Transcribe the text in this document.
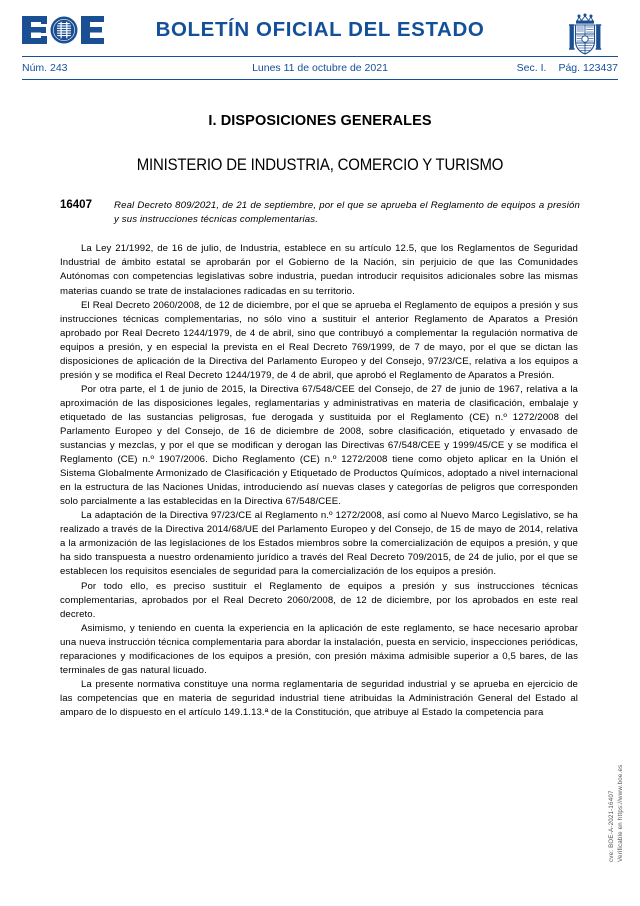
BOLETÍN OFICIAL DEL ESTADO
Núm. 243	Lunes 11 de octubre de 2021	Sec. I. Pág. 123437
I. DISPOSICIONES GENERALES
MINISTERIO DE INDUSTRIA, COMERCIO Y TURISMO
16407	Real Decreto 809/2021, de 21 de septiembre, por el que se aprueba el Reglamento de equipos a presión y sus instrucciones técnicas complementarias.

La Ley 21/1992, de 16 de julio, de Industria, establece en su artículo 12.5, que los Reglamentos de Seguridad Industrial de ámbito estatal se aprobarán por el Gobierno de la Nación, sin perjuicio de que las Comunidades Autónomas con competencias legislativas sobre industria, puedan introducir requisitos adicionales sobre las mismas materias cuando se trate de instalaciones radicadas en su territorio.

El Real Decreto 2060/2008, de 12 de diciembre, por el que se aprueba el Reglamento de equipos a presión y sus instrucciones técnicas complementarias, no sólo vino a sustituir el anterior Reglamento de Aparatos a Presión aprobado por Real Decreto 1244/1979, de 4 de abril, sino que contribuyó a complementar la regulación normativa de equipos a presión, y en especial la prevista en el Real Decreto 769/1999, de 7 de mayo, por el que se dictan las disposiciones de aplicación de la Directiva del Parlamento Europeo y del Consejo, 97/23/CE, relativa a los equipos a presión y se modifica el Real Decreto 1244/1979, de 4 de abril, que aprobó el Reglamento de Aparatos a Presión.

Por otra parte, el 1 de junio de 2015, la Directiva 67/548/CEE del Consejo, de 27 de junio de 1967, relativa a la aproximación de las disposiciones legales, reglamentarias y administrativas en materia de clasificación, embalaje y etiquetado de las sustancias peligrosas, fue derogada y sustituida por el Reglamento (CE) n.º 1272/2008 del Parlamento Europeo y del Consejo, de 16 de diciembre de 2008, sobre clasificación, etiquetado y envasado de sustancias y mezclas, y por el que se modifican y derogan las Directivas 67/548/CEE y 1999/45/CE y se modifica el Reglamento (CE) n.º 1907/2006. Dicho Reglamento (CE) n.º 1272/2008 tiene como objeto aplicar en la Unión el Sistema Globalmente Armonizado de Clasificación y Etiquetado de Productos Químicos, adoptado a nivel internacional en la estructura de las Naciones Unidas, introduciendo así nuevas clases y categorías de peligros que corresponden solo parcialmente a las establecidas en la Directiva 67/548/CEE.

La adaptación de la Directiva 97/23/CE al Reglamento n.º 1272/2008, así como al Nuevo Marco Legislativo, se ha realizado a través de la Directiva 2014/68/UE del Parlamento Europeo y del Consejo, de 15 de mayo de 2014, relativa a la armonización de las legislaciones de los Estados miembros sobre la comercialización de equipos a presión, y que ha sido transpuesta a nuestro ordenamiento jurídico a través del Real Decreto 709/2015, de 24 de julio, por el que se establecen los requisitos esenciales de seguridad para la comercialización de los equipos a presión.

Por todo ello, es preciso sustituir el Reglamento de equipos a presión y sus instrucciones técnicas complementarias, aprobados por el Real Decreto 2060/2008, de 12 de diciembre, por los aprobados en este real decreto.

Asimismo, y teniendo en cuenta la experiencia en la aplicación de este reglamento, se hace necesario aprobar una nueva instrucción técnica complementaria para abordar la instalación, puesta en servicio, inspecciones periódicas, reparaciones y modificaciones de los equipos a presión, con presión máxima admisible superior a 0,5 bares, de las terminales de gas natural licuado.

La presente normativa constituye una norma reglamentaria de seguridad industrial y se aprueba en ejercicio de las competencias que en materia de seguridad industrial tiene atribuidas la Administración General del Estado al amparo de lo dispuesto en el artículo 149.1.13.ª de la Constitución, que atribuye al Estado la competencia para

cve: BOE-A-2021-16407 Verificable en https://www.boe.es
